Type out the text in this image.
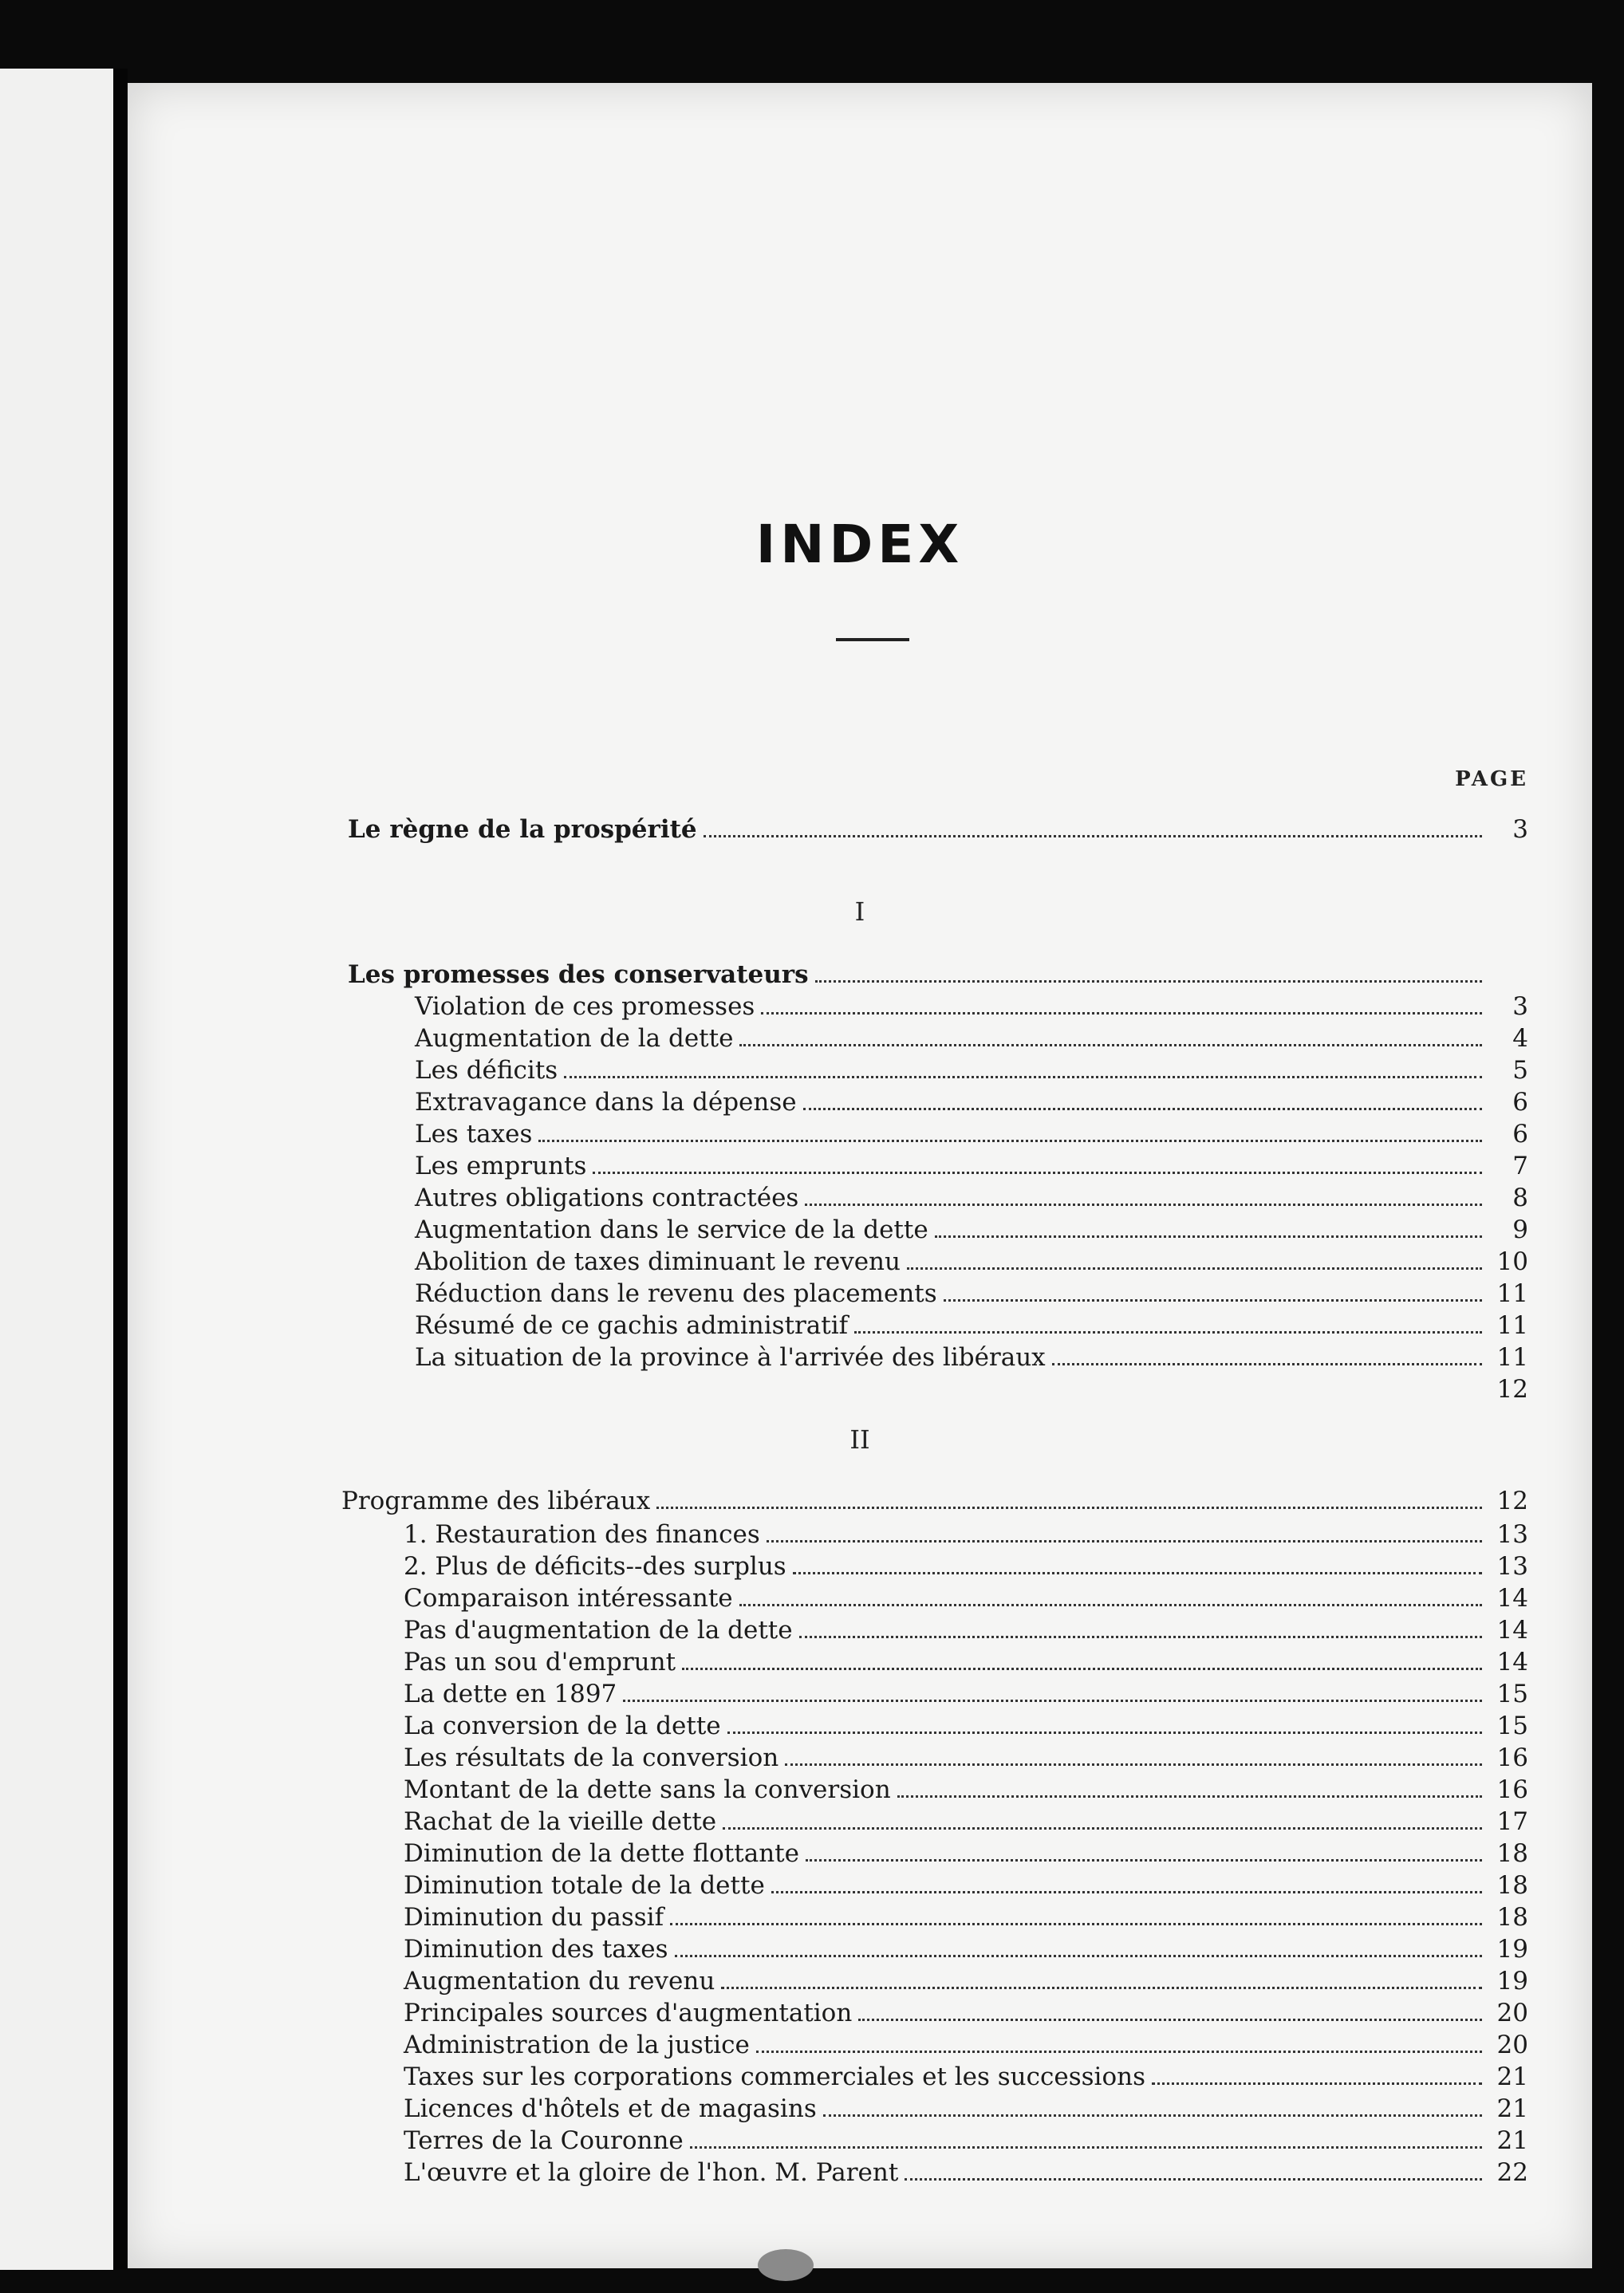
INDEX
PAGE
Le règne de la prospérité	3
I
Les promesses des conservateurs
Violation de ces promesses	3
Augmentation de la dette	4
Les déficits	5
Extravagance dans la dépense	6
Les taxes	6
Les emprunts	7
Autres obligations contractées	8
Augmentation dans le service de la dette	9
Abolition de taxes diminuant le revenu	10
Réduction dans le revenu des placements	11
Résumé de ce gachis administratif	11
La situation de la province à l'arrivée des libéraux	11
12
II
Programme des libéraux	12
1. Restauration des finances	13
2. Plus de déficits--des surplus	13
Comparaison intéressante	14
Pas d'augmentation de la dette	14
Pas un sou d'emprunt	14
La dette en 1897	15
La conversion de la dette	15
Les résultats de la conversion	16
Montant de la dette sans la conversion	16
Rachat de la vieille dette	17
Diminution de la dette flottante	18
Diminution totale de la dette	18
Diminution du passif	18
Diminution des taxes	19
Augmentation du revenu	19
Principales sources d'augmentation	20
Administration de la justice	20
Taxes sur les corporations commerciales et les successions	21
Licences d'hôtels et de magasins	21
Terres de la Couronne	21
L'œuvre et la gloire de l'hon. M. Parent	22
